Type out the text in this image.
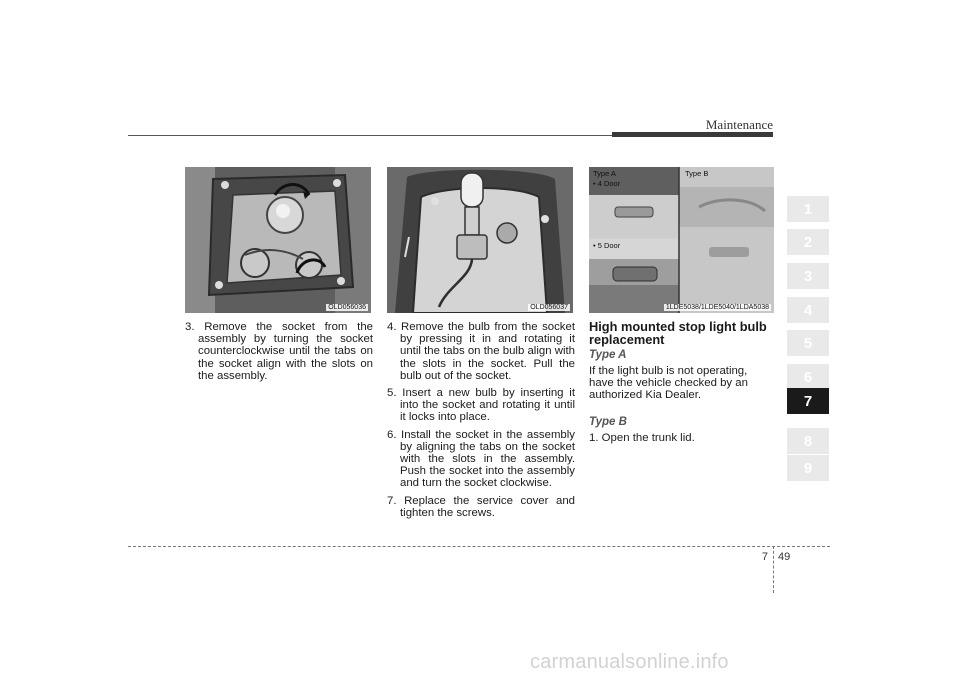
Maintenance
1
2
3
4
5
6
7
8
9
OLD056036	OLD056037
Type A
• 4 Door
• 5 Door
Type B
1LDE5038/1LDE5040/1LDA5038

3. Remove the socket from the assembly by turning the socket counterclockwise until the tabs on the socket align with the slots on the assembly.

4. Remove the bulb from the socket by pressing it in and rotating it until the tabs on the bulb align with the slots in the socket. Pull the bulb out of the socket.

5. Insert a new bulb by inserting it into the socket and rotating it until it locks into place.

6. Install the socket in the assembly by aligning the tabs on the socket with the slots in the assembly. Push the socket into the assembly and turn the socket clockwise.

7. Replace the service cover and tighten the screws.

High mounted stop light bulb replacement
Type A
If the light bulb is not operating, have the vehicle checked by an authorized Kia Dealer.
Type B
1. Open the trunk lid.
7 49
carmanualsonline.info
